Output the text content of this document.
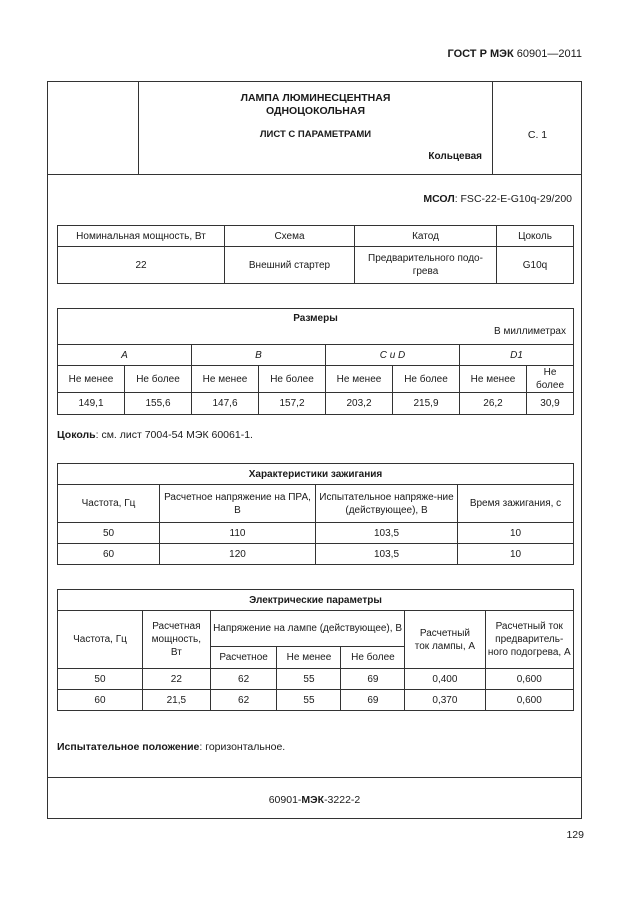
ГОСТ Р МЭК 60901—2011
ЛАМПА ЛЮМИНЕСЦЕНТНАЯ ОДНОЦОКОЛЬНАЯ
ЛИСТ С ПАРАМЕТРАМИ
Кольцевая
С. 1
МСОЛ: FSC-22-E-G10q-29/200
Номинальная мощность, Вт	Схема	Катод	Цоколь
22	Внешний стартер	Предварительного подо-грева	G10q
Размеры
В миллиметрах							

A		B		C и D		D1	
Не менее	Не более	Не менее	Не более	Не менее	Не более	Не менее	Не более
149,1	155,6	147,6	157,2	203,2	215,9	26,2	30,9
Цоколь: см. лист 7004-54 МЭК 60061-1.
Характеристики зажигания			
Частота, Гц	Расчетное напряжение на ПРА, В	Испытательное напряже-ние (действующее), В	Время зажигания, с
50	110	103,5	10
60	120	103,5	10
Электрические параметры						
Частота, Гц	Расчетная мощность, Вт	Напряжение на лампе (действующее), В			Расчетный ток лампы, А	Расчетный ток предваритель-ного подогрева, А
		Расчетное	Не менее	Не более		
50	22	62	55	69	0,400	0,600
60	21,5	62	55	69	0,370	0,600
Испытательное положение: горизонтальное.
60901-МЭК-3222-2
129
